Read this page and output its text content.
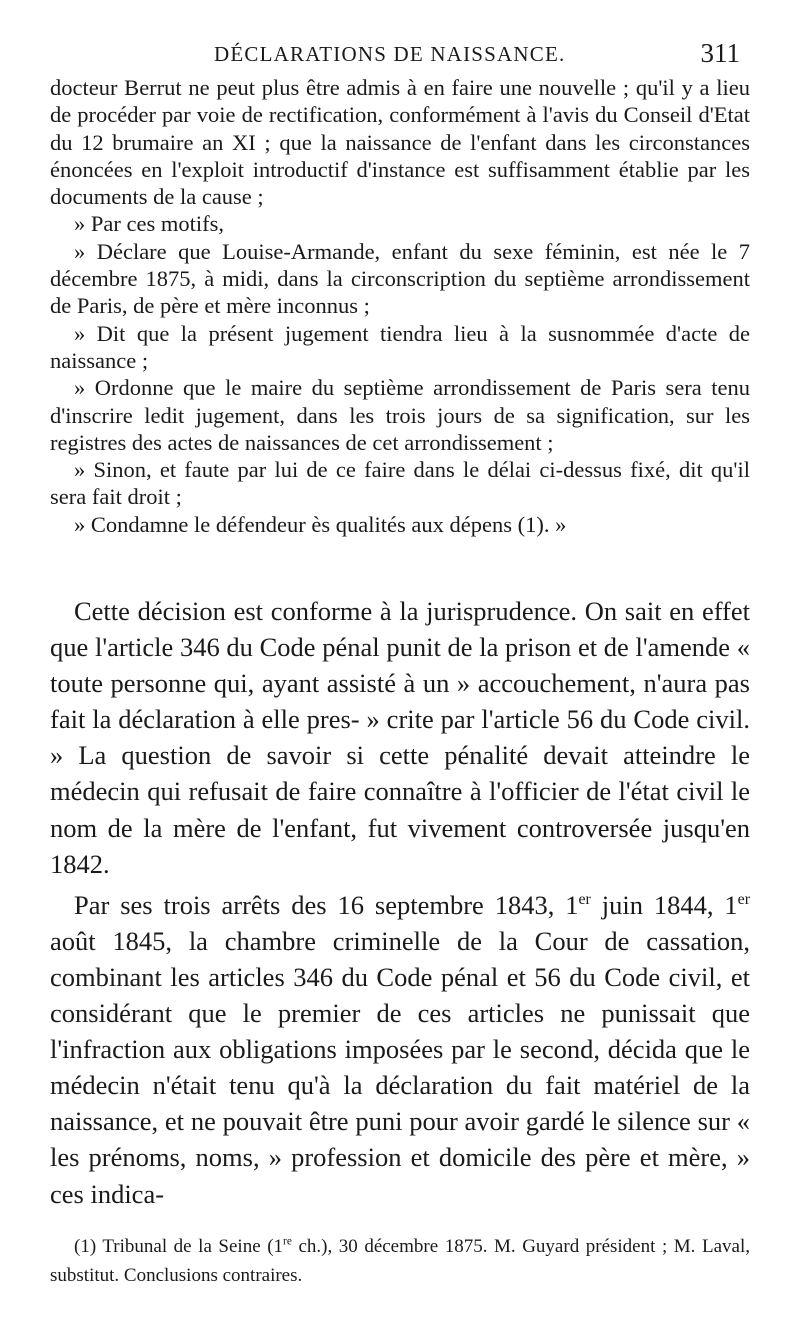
DÉCLARATIONS DE NAISSANCE.	311

docteur Berrut ne peut plus être admis à en faire une nouvelle ; qu'il y a lieu de procéder par voie de rectification, conformément à l'avis du Conseil d'Etat du 12 brumaire an XI ; que la naissance de l'enfant dans les circonstances énoncées en l'exploit introductif d'instance est suffisamment établie par les documents de la cause ;

» Par ces motifs,

» Déclare que Louise-Armande, enfant du sexe féminin, est née le 7 décembre 1875, à midi, dans la circonscription du septième arrondissement de Paris, de père et mère inconnus ;

» Dit que la présent jugement tiendra lieu à la susnommée d'acte de naissance ;

» Ordonne que le maire du septième arrondissement de Paris sera tenu d'inscrire ledit jugement, dans les trois jours de sa signification, sur les registres des actes de naissances de cet arrondissement ;

» Sinon, et faute par lui de ce faire dans le délai ci-dessus fixé, dit qu'il sera fait droit ;

» Condamne le défendeur ès qualités aux dépens (1). »

Cette décision est conforme à la jurisprudence. On sait en effet que l'article 346 du Code pénal punit de la prison et de l'amende « toute personne qui, ayant assisté à un » accouchement, n'aura pas fait la déclaration à elle pres- » crite par l'article 56 du Code civil. » La question de savoir si cette pénalité devait atteindre le médecin qui refusait de faire connaître à l'officier de l'état civil le nom de la mère de l'enfant, fut vivement controversée jusqu'en 1842.

Par ses trois arrêts des 16 septembre 1843, 1er juin 1844, 1er août 1845, la chambre criminelle de la Cour de cassation, combinant les articles 346 du Code pénal et 56 du Code civil, et considérant que le premier de ces articles ne punissait que l'infraction aux obligations imposées par le second, décida que le médecin n'était tenu qu'à la déclaration du fait matériel de la naissance, et ne pouvait être puni pour avoir gardé le silence sur « les prénoms, noms, » profession et domicile des père et mère, » ces indica-

(1) Tribunal de la Seine (1re ch.), 30 décembre 1875. M. Guyard président ; M. Laval, substitut. Conclusions contraires.
